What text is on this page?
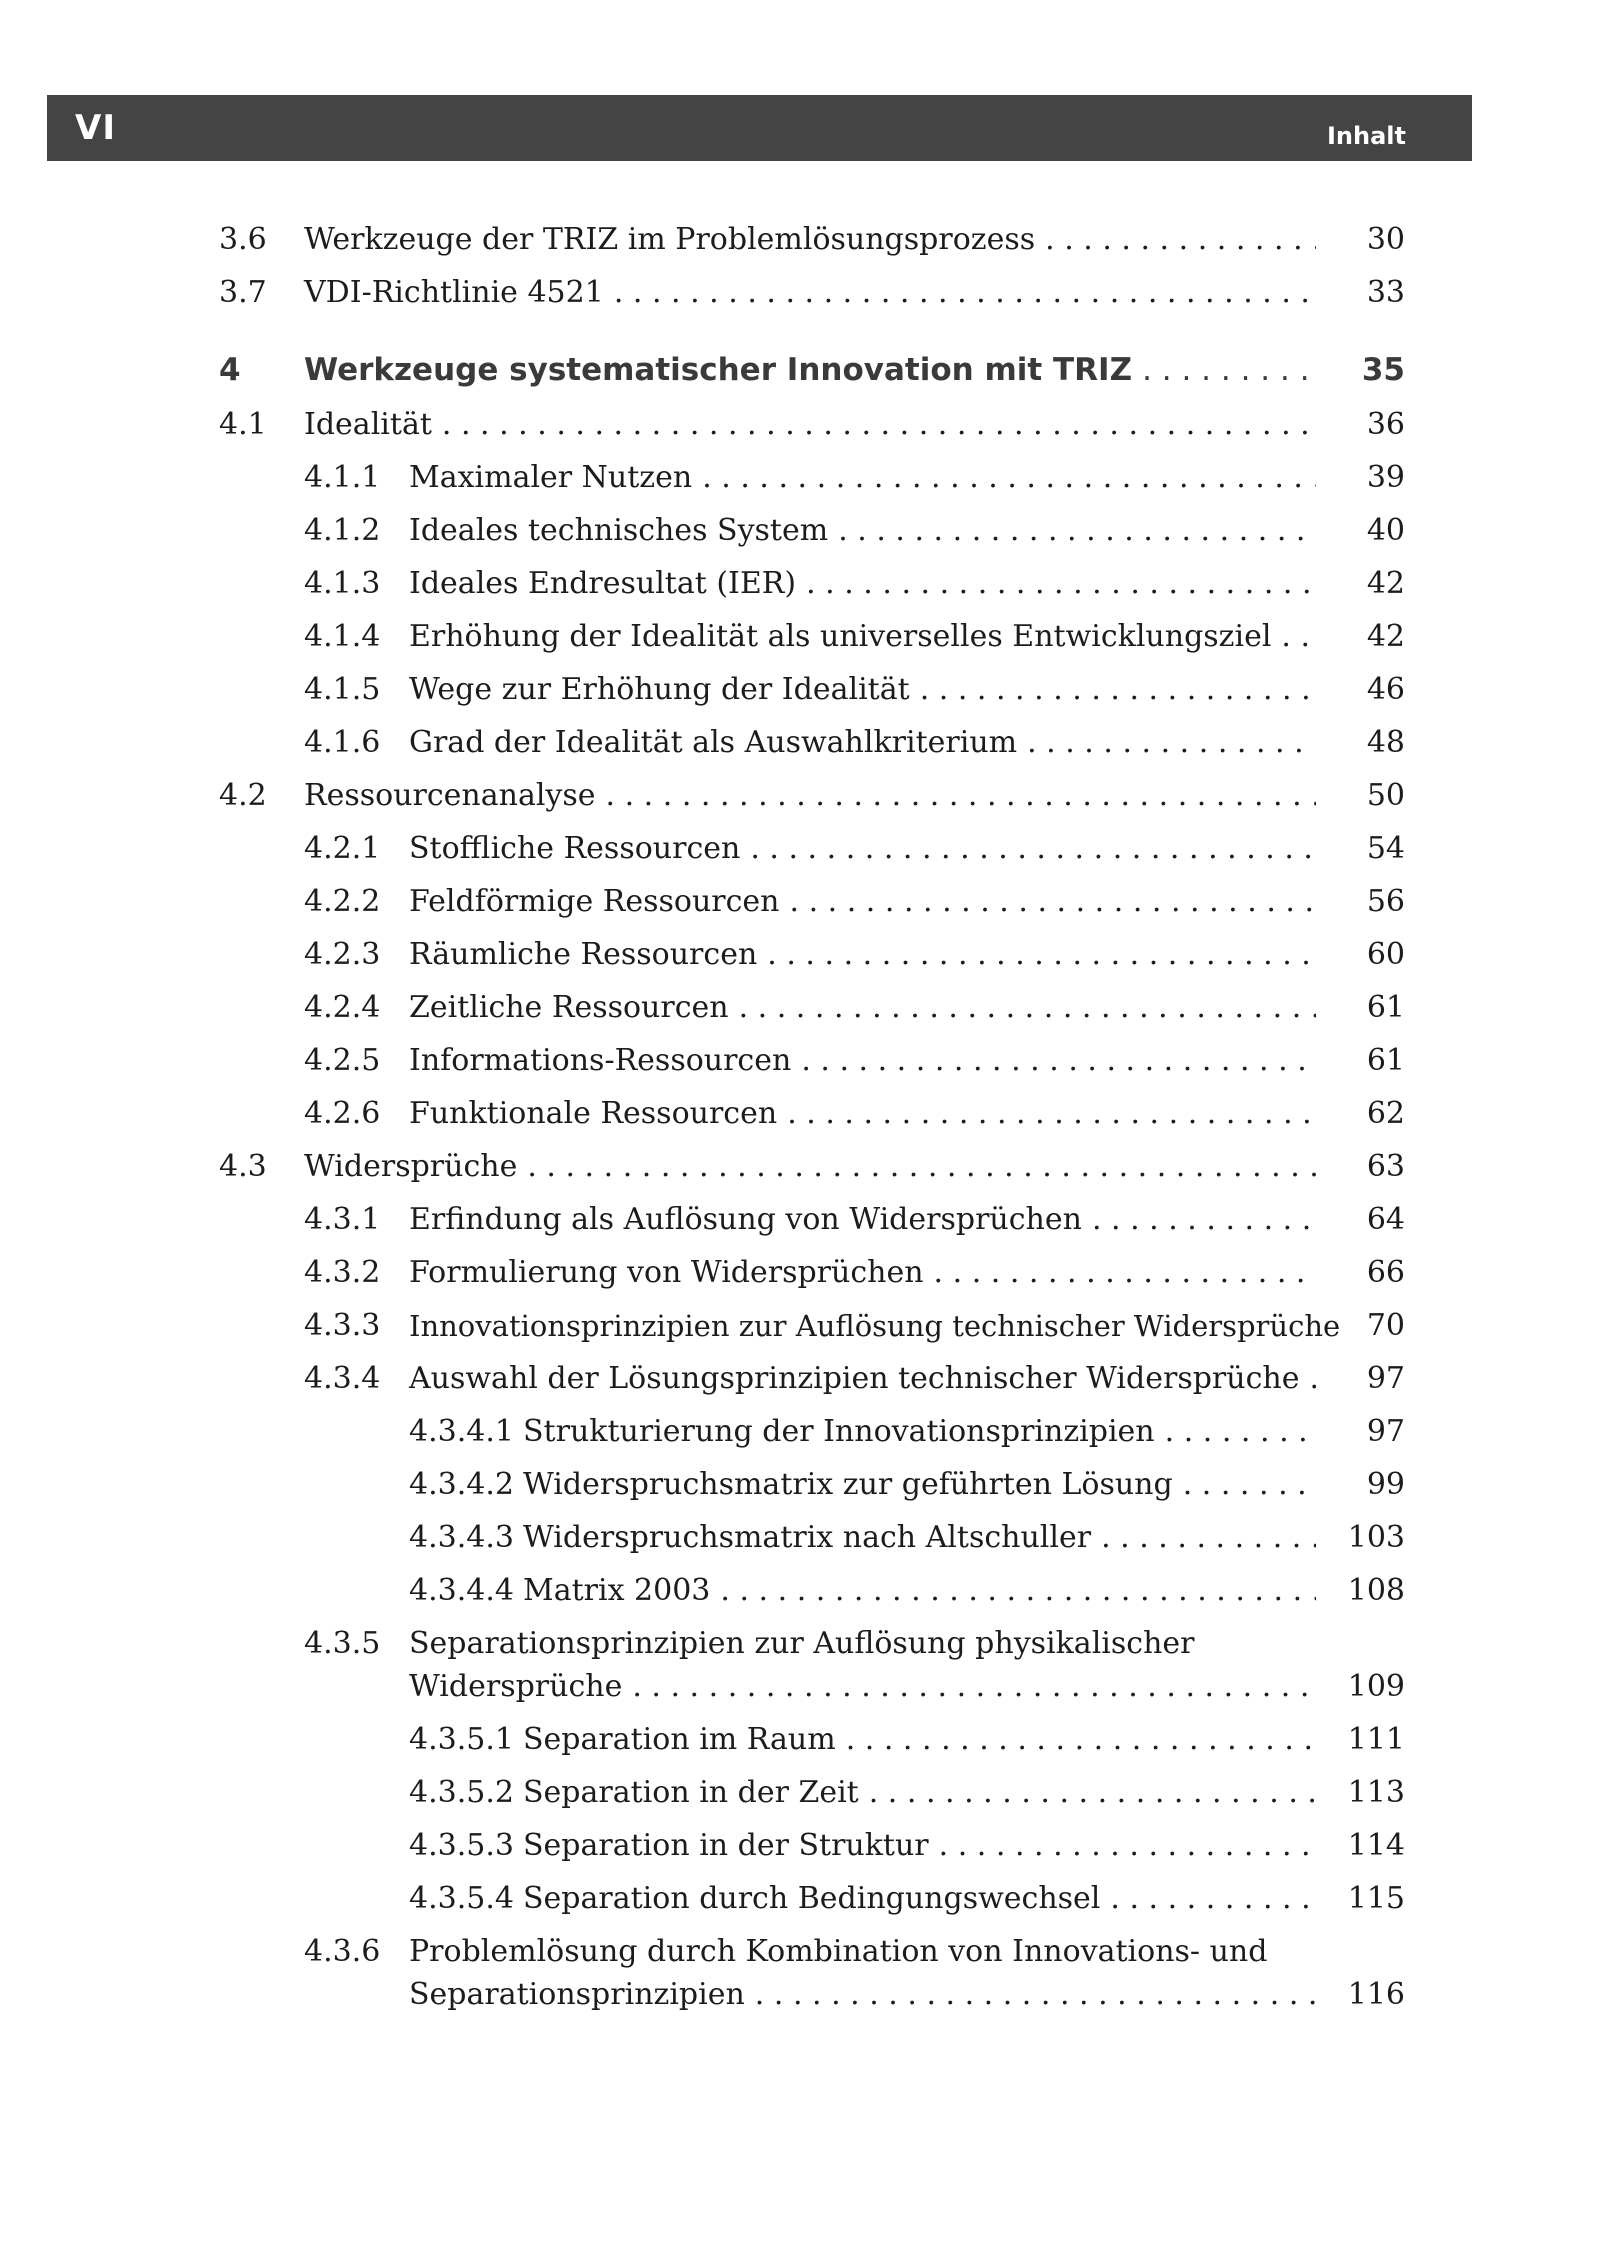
VI	Inhalt
3.6 Werkzeuge der TRIZ im Problemlösungsprozess . . .	30
3.7 VDI-Richtlinie 4521 . . .	33
4 Werkzeuge systematischer Innovation mit TRIZ . . .	35
4.1 Idealität . . .	36
4.1.1 Maximaler Nutzen . . .	39
4.1.2 Ideales technisches System . . .	40
4.1.3 Ideales Endresultat (IER) . . .	42
4.1.4 Erhöhung der Idealität als universelles Entwicklungsziel . . .	42
4.1.5 Wege zur Erhöhung der Idealität . . .	46
4.1.6 Grad der Idealität als Auswahlkriterium . . .	48
4.2 Ressourcenanalyse . . .	50
4.2.1 Stoffliche Ressourcen . . .	54
4.2.2 Feldförmige Ressourcen . . .	56
4.2.3 Räumliche Ressourcen . . .	60
4.2.4 Zeitliche Ressourcen . . .	61
4.2.5 Informations-Ressourcen . . .	61
4.2.6 Funktionale Ressourcen . . .	62
4.3 Widersprüche . . .	63
4.3.1 Erfindung als Auflösung von Widersprüchen . . .	64
4.3.2 Formulierung von Widersprüchen . . .	66
4.3.3 Innovationsprinzipien zur Auflösung technischer Widersprüche 70
4.3.4 Auswahl der Lösungsprinzipien technischer Widersprüche . . . 97
4.3.4.1 Strukturierung der Innovationsprinzipien . . .	97
4.3.4.2 Widerspruchsmatrix zur geführten Lösung . . .	99
4.3.4.3 Widerspruchsmatrix nach Altschuller . . .	103
4.3.4.4 Matrix 2003 . . .	108
4.3.5 Separationsprinzipien zur Auflösung physikalischer
Widersprüche . . .	109
4.3.5.1 Separation im Raum . . .	111
4.3.5.2 Separation in der Zeit . . .	113
4.3.5.3 Separation in der Struktur . . .	114
4.3.5.4 Separation durch Bedingungswechsel . . .	115
4.3.6 Problemlösung durch Kombination von Innovations- und
Separationsprinzipien . . .	116
